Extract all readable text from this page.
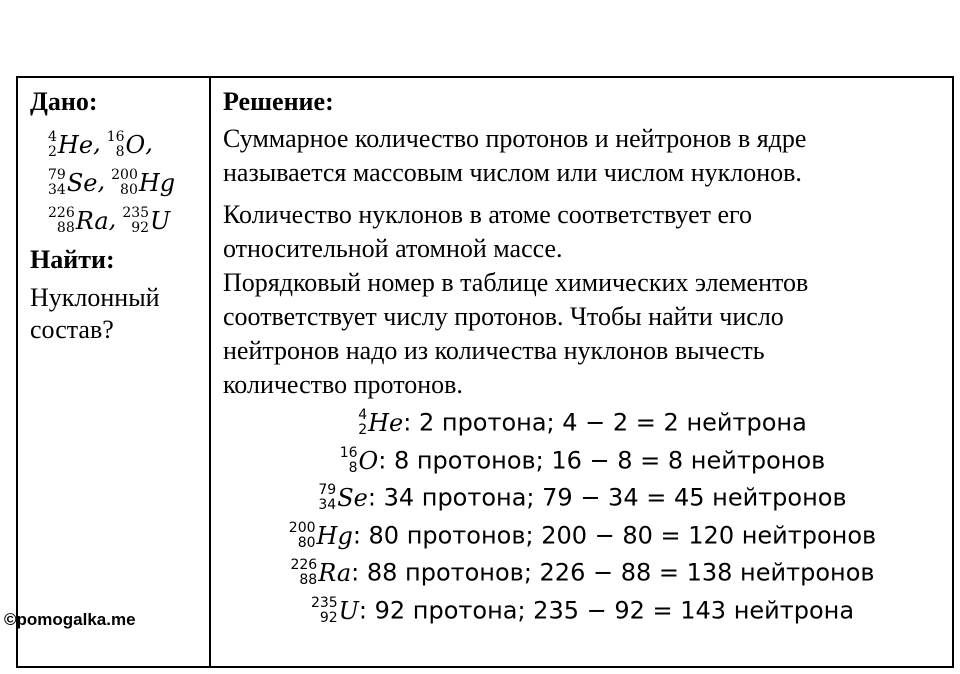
Дано:
4
2 He, 16
8 O,
79
34 Se, 200
80 Hg
226
88 Ra, 235
92 U
Найти:
Нуклонный
состав?
Решение:
Суммарное количество протонов и нейтронов в ядре
называется массовым числом или числом нуклонов.
Количество нуклонов в атоме соответствует его
относительной атомной массе.
Порядковый номер в таблице химических элементов
соответствует числу протонов. Чтобы найти число
нейтронов надо из количества нуклонов вычесть
количество протонов.
4
2 He: 2 протона; 4 − 2 = 2 нейтрона
16
8 O: 8 протонов; 16 − 8 = 8 нейтронов
79
34 Se: 34 протона; 79 − 34 = 45 нейтронов
200
80 Hg: 80 протонов; 200 − 80 = 120 нейтронов
226
88 Ra: 88 протонов; 226 − 88 = 138 нейтронов
235
92 U: 92 протона; 235 − 92 = 143 нейтрона
©pomogalka.me
